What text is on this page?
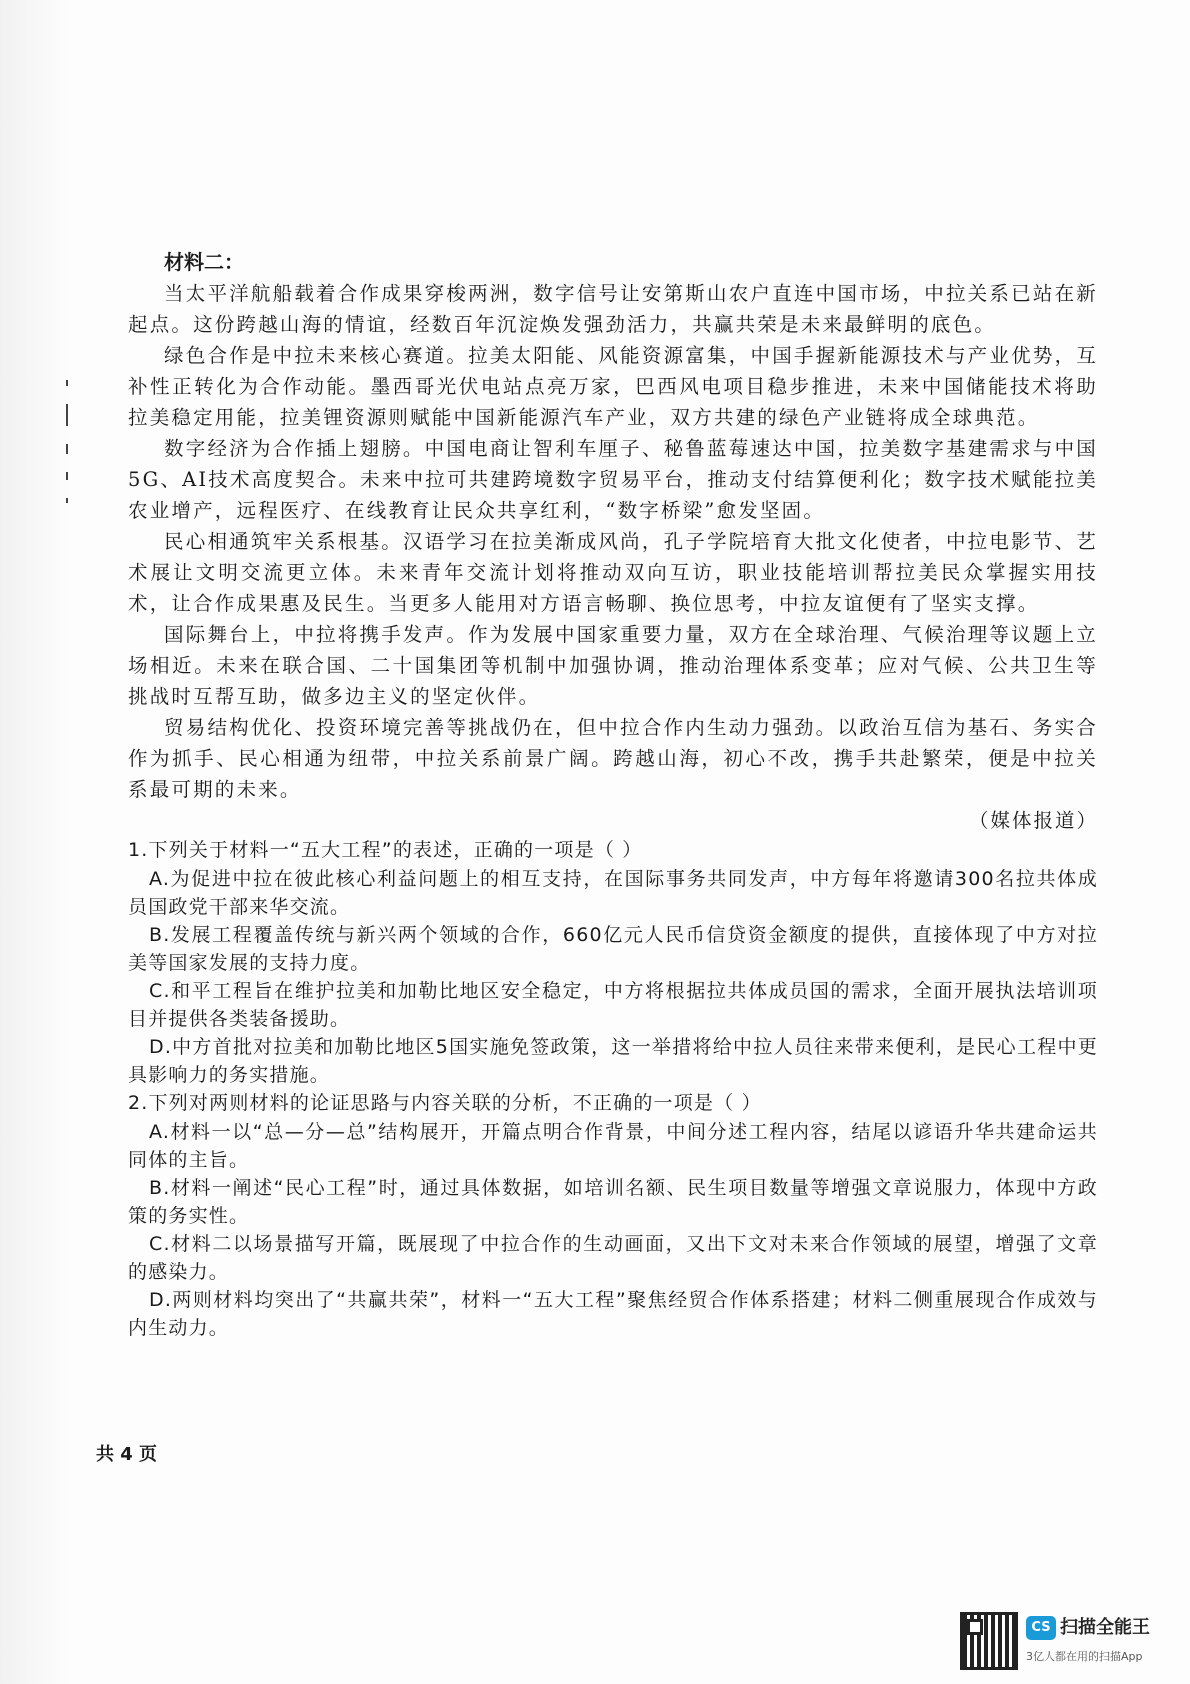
材料二：

当太平洋航船载着合作成果穿梭两洲，数字信号让安第斯山农户直连中国市场，中拉关系已站在新起点。这份跨越山海的情谊，经数百年沉淀焕发强劲活力，共赢共荣是未来最鲜明的底色。

绿色合作是中拉未来核心赛道。拉美太阳能、风能资源富集，中国手握新能源技术与产业优势，互补性正转化为合作动能。墨西哥光伏电站点亮万家，巴西风电项目稳步推进，未来中国储能技术将助拉美稳定用能，拉美锂资源则赋能中国新能源汽车产业，双方共建的绿色产业链将成全球典范。

数字经济为合作插上翅膀。中国电商让智利车厘子、秘鲁蓝莓速达中国，拉美数字基建需求与中国5G、AI技术高度契合。未来中拉可共建跨境数字贸易平台，推动支付结算便利化；数字技术赋能拉美农业增产，远程医疗、在线教育让民众共享红利，“数字桥梁”愈发坚固。

民心相通筑牢关系根基。汉语学习在拉美渐成风尚，孔子学院培育大批文化使者，中拉电影节、艺术展让文明交流更立体。未来青年交流计划将推动双向互访，职业技能培训帮拉美民众掌握实用技术，让合作成果惠及民生。当更多人能用对方语言畅聊、换位思考，中拉友谊便有了坚实支撑。

国际舞台上，中拉将携手发声。作为发展中国家重要力量，双方在全球治理、气候治理等议题上立场相近。未来在联合国、二十国集团等机制中加强协调，推动治理体系变革；应对气候、公共卫生等挑战时互帮互助，做多边主义的坚定伙伴。

贸易结构优化、投资环境完善等挑战仍在，但中拉合作内生动力强劲。以政治互信为基石、务实合作为抓手、民心相通为纽带，中拉关系前景广阔。跨越山海，初心不改，携手共赴繁荣，便是中拉关系最可期的未来。

（媒体报道）

1.下列关于材料一“五大工程”的表述，正确的一项是（ ）

A.为促进中拉在彼此核心利益问题上的相互支持，在国际事务共同发声，中方每年将邀请300名拉共体成员国政党干部来华交流。

B.发展工程覆盖传统与新兴两个领域的合作，660亿元人民币信贷资金额度的提供，直接体现了中方对拉美等国家发展的支持力度。

C.和平工程旨在维护拉美和加勒比地区安全稳定，中方将根据拉共体成员国的需求，全面开展执法培训项目并提供各类装备援助。

D.中方首批对拉美和加勒比地区5国实施免签政策，这一举措将给中拉人员往来带来便利，是民心工程中更具影响力的务实措施。

2.下列对两则材料的论证思路与内容关联的分析，不正确的一项是（ ）

A.材料一以“总—分—总”结构展开，开篇点明合作背景，中间分述工程内容，结尾以谚语升华共建命运共同体的主旨。

B.材料一阐述“民心工程”时，通过具体数据，如培训名额、民生项目数量等增强文章说服力，体现中方政策的务实性。

C.材料二以场景描写开篇，既展现了中拉合作的生动画面，又出下文对未来合作领域的展望，增强了文章的感染力。

D.两则材料均突出了“共赢共荣”，材料一“五大工程”聚焦经贸合作体系搭建；材料二侧重展现合作成效与内生动力。

共 4 页
CS 扫描全能王
3亿人都在用的扫描App
